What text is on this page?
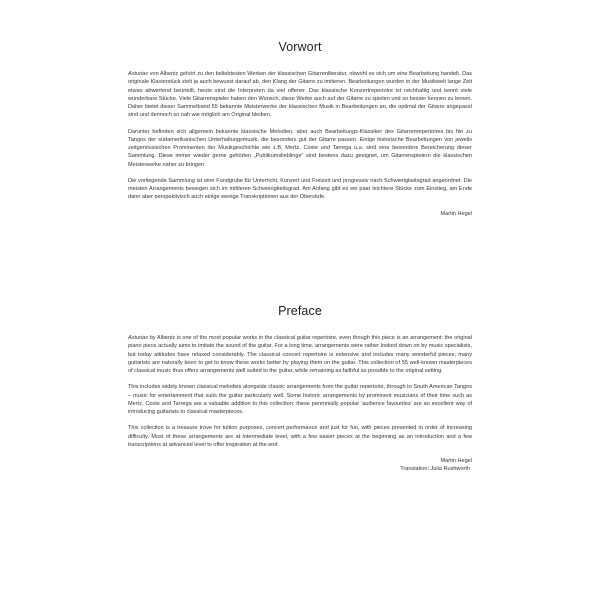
Vorwort

Asturias von Albeniz gehört zu den beliebtesten Werken der klassischen Gitarrenliteratur, obwohl es sich um eine Bearbeitung handelt. Das originale Klavierstück zielt ja auch bewusst darauf ab, den Klang der Gitarre zu imitieren. Bearbeitungen wurden in der Musikwelt lange Zeit etwas abwertend beurteilt, heute sind die Interpreten da viel offener. Das klassische Konzertrepertoire ist reichhaltig und kennt viele wunderbare Stücke. Viele Gitarrenspieler haben den Wunsch, diese Werke auch auf der Gitarre zu spielen und so besser kennen zu lernen. Daher bietet dieser Sammelband 55 bekannte Meisterwerke der klassischen Musik in Bearbeitungen an, die optimal der Gitarre angepasst sind und dennoch so nah wie möglich am Original bleiben.

Darunter befinden sich allgemein bekannte klassische Melodien, aber auch Bearbeitungs-Klassiker des Gitarrenrepertoires bis hin zu Tangos der südamerikanischen Unterhaltungsmusik, die besonders gut der Gitarre passen. Einige historische Bearbeitungen von jeweils zeitgenössischen Prominenten der Musikgeschichte wie z.B. Mertz, Coste und Tarrega u.a. sind eine besondere Bereicherung dieser Sammlung. Diese immer wieder gerne gehörten „Publikumslieblinge“ sind bestens dazu geeignet, um Gitarrenspielern die klassischen Meisterwerke näher zu bringen.

Die vorliegende Sammlung ist eine Fundgrube für Unterricht, Konzert und Freizeit und progressiv nach Schwierigkeitsgrad angeordnet. Die meisten Arrangements bewegen sich im mittleren Schwierigkeitsgrad. Am Anfang gibt es ein paar leichtere Stücke zum Einstieg, am Ende dann aber perspektivisch auch einige wenige Transkriptionen aus der Oberstufe.

Martin Hegel
Preface

Asturias by Albeniz is one of the most popular works in the classical guitar repertoire, even though this piece is an arrangement: the original piano piece actually aims to imitate the sound of the guitar. For a long time, arrangements were rather looked down on by music specialists, but today attitudes have relaxed considerably. The classical concert repertoire is extensive and includes many wonderful pieces; many guitarists are naturally keen to get to know these works better by playing them on the guitar. This collection of 55 well-known masterpieces of classical music thus offers arrangements well suited to the guitar, while remaining as faithful as possible to the original setting.

This includes widely known classical melodies alongside classic arrangements from the guitar repertoire, through to South American Tangos – music for entertainment that suits the guitar particularly well. Some historic arrangements by prominent musicians of their time such as Mertz, Coste and Tarrega are a valuable addition to this collection: these perennially popular ‘audience favourites’ are an excellent way of introducing guitarists to classical masterpieces.

This collection is a treasure trove for tuition purposes, concert performance and just for fun, with pieces presented in order of increasing difficulty. Most of these arrangements are at intermediate level, with a few easier pieces at the beginning as an introduction and a few transcriptions at advanced level to offer inspiration at the end.

Martin Hegel
Translation: Julia Rushworth
